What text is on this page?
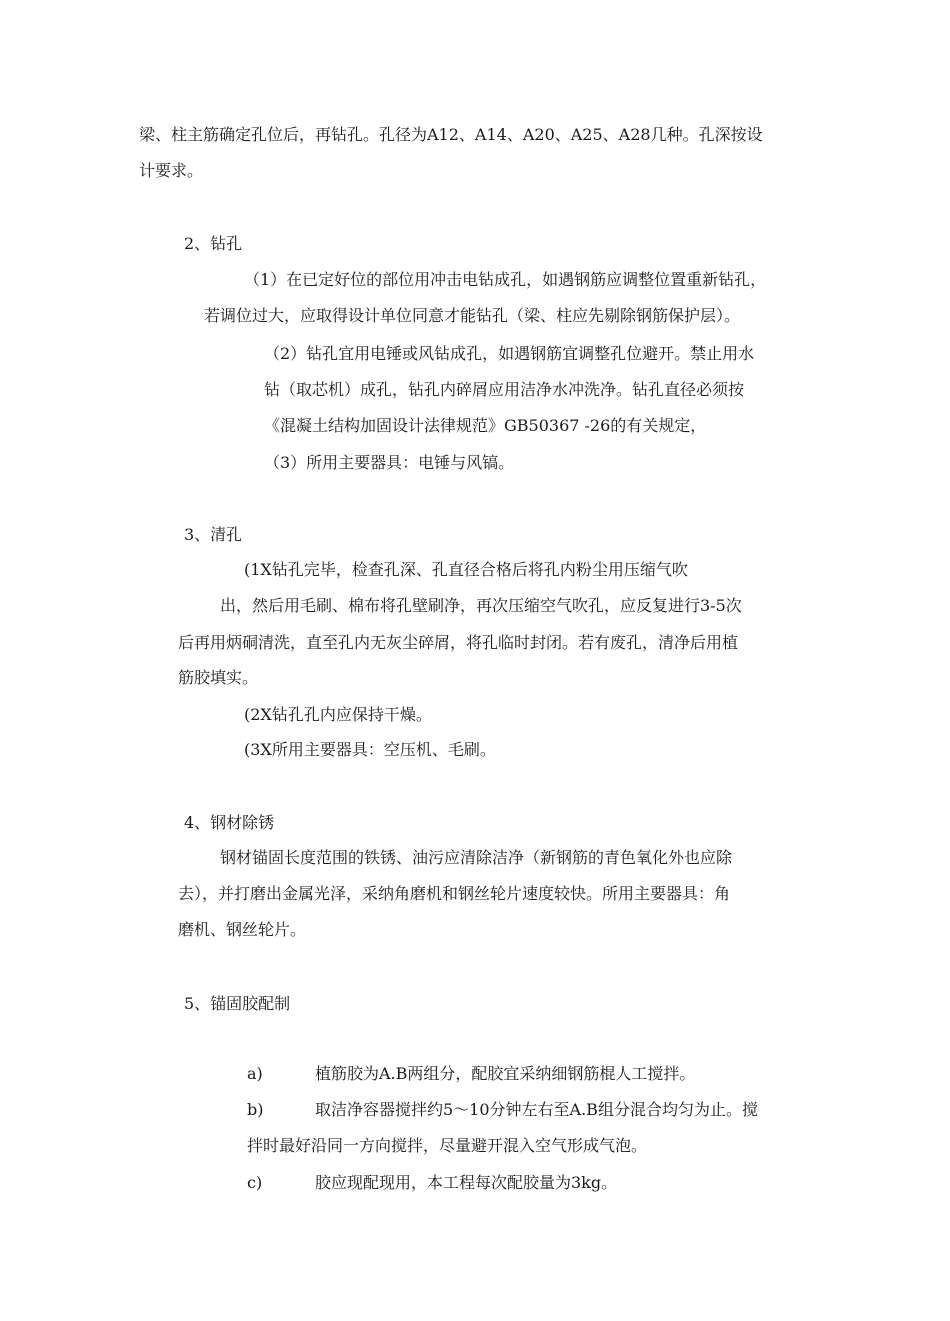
梁、柱主筋确定孔位后，再钻孔。孔径为A12、A14、A20、A25、A28几种。孔深按设
计要求。
2、钻孔
（1）在已定好位的部位用冲击电钻成孔，如遇钢筋应调整位置重新钻孔，
若调位过大，应取得设计单位同意才能钻孔（梁、柱应先剔除钢筋保护层）。
（2）钻孔宜用电锤或风钻成孔，如遇钢筋宜调整孔位避开。禁止用水
钻（取芯机）成孔，钻孔内碎屑应用洁净水冲洗净。钻孔直径必须按
《混凝土结构加固设计法律规范》GB50367 -26的有关规定，
（3）所用主要器具：电锤与风镐。
3、清孔
(1X钻孔完毕，检查孔深、孔直径合格后将孔内粉尘用压缩气吹
出，然后用毛刷、棉布将孔壁刷净，再次压缩空气吹孔，应反复进行3-5次
后再用炳硐清洗，直至孔内无灰尘碎屑，将孔临时封闭。若有废孔，清净后用植
筋胶填实。
(2X钻孔孔内应保持干燥。
(3X所用主要器具：空压机、毛刷。
4、钢材除锈
钢材锚固长度范围的铁锈、油污应清除洁净（新钢筋的青色氧化外也应除
去），并打磨出金属光泽，采纳角磨机和钢丝轮片速度较快。所用主要器具：角
磨机、钢丝轮片。
5、锚固胶配制
a)	植筋胶为A.B两组分，配胶宜采纳细钢筋棍人工搅拌。
b)	取洁净容器搅拌约5〜10分钟左右至A.B组分混合均匀为止。搅
拌时最好沿同一方向搅拌，尽量避开混入空气形成气泡。
c)	胶应现配现用，本工程每次配胶量为3kg。
